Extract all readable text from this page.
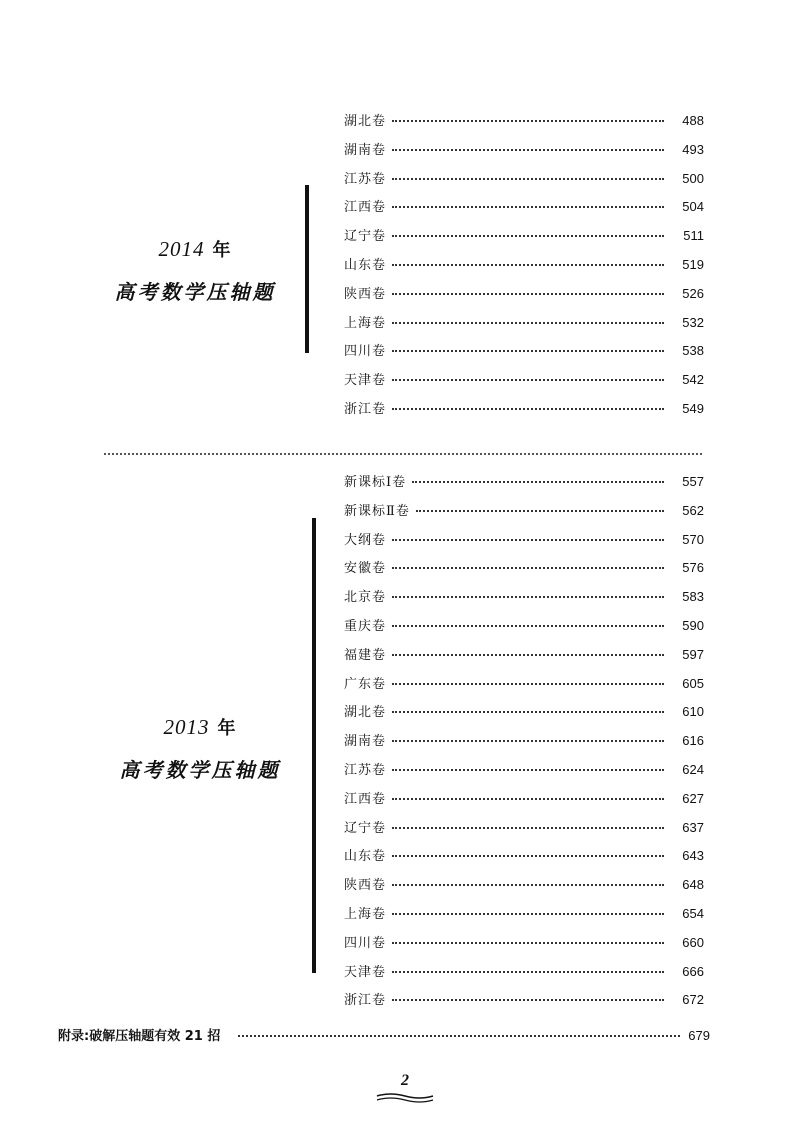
2014 年
高考数学压轴题
湖北卷	488
湖南卷	493
江苏卷	500
江西卷	504
辽宁卷	511
山东卷	519
陕西卷	526
上海卷	532
四川卷	538
天津卷	542
浙江卷	549
2013 年
高考数学压轴题
新课标Ⅰ卷	557
新课标Ⅱ卷	562
大纲卷	570
安徽卷	576
北京卷	583
重庆卷	590
福建卷	597
广东卷	605
湖北卷	610
湖南卷	616
江苏卷	624
江西卷	627
辽宁卷	637
山东卷	643
陕西卷	648
上海卷	654
四川卷	660
天津卷	666
浙江卷	672
附录:破解压轴题有效 21 招	679
2
